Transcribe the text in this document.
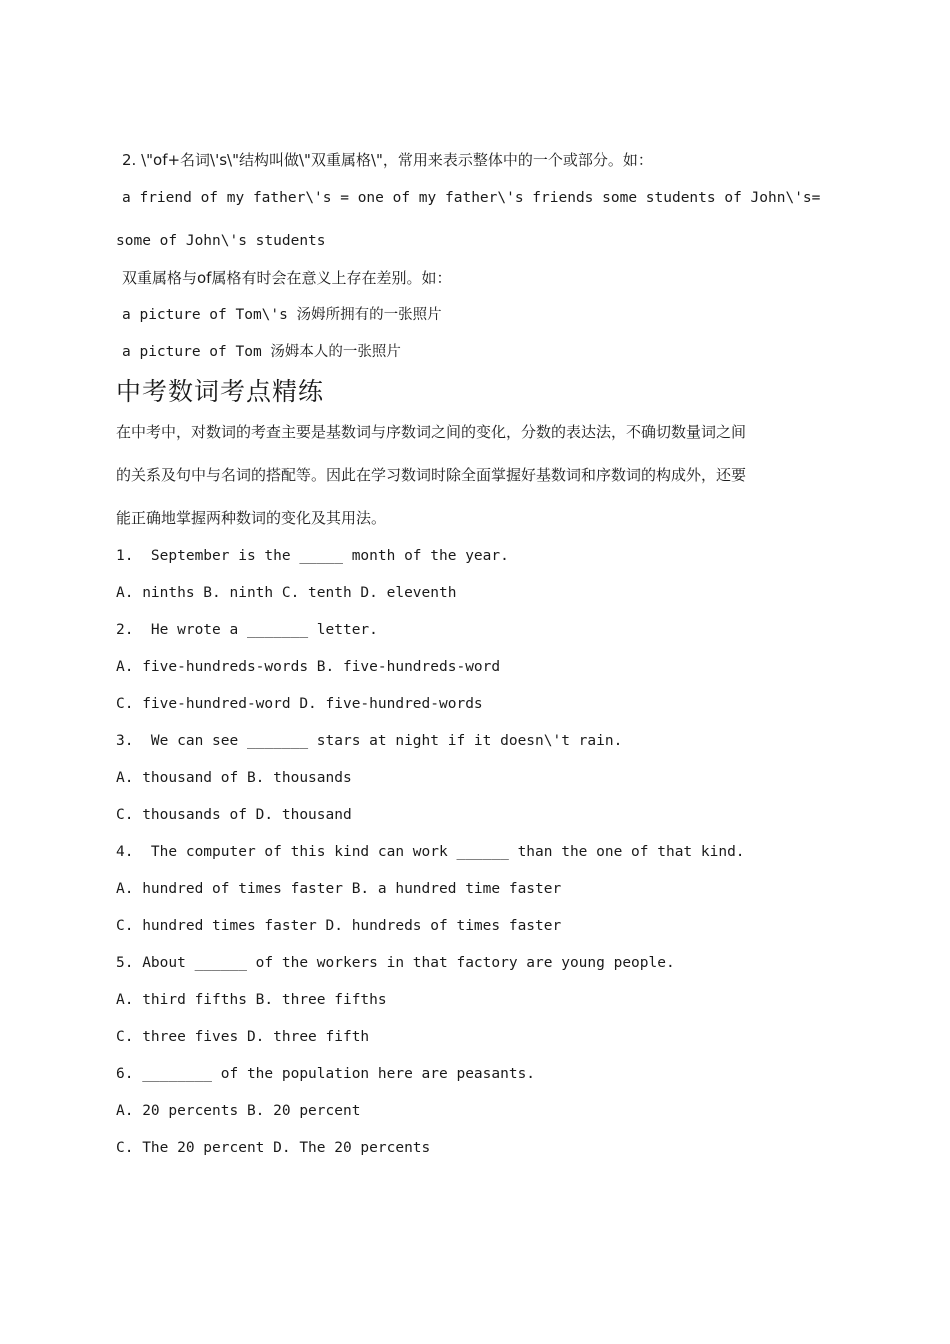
2. \"of+名词\'s\"结构叫做\"双重属格\"，常用来表示整体中的一个或部分。如：
a friend of my father\'s = one of my father\'s friends some students of John\'s=
some of John\'s students
双重属格与of属格有时会在意义上存在差别。如：
a picture of Tom\'s 汤姆所拥有的一张照片
a picture of Tom 汤姆本人的一张照片
中考数词考点精练
在中考中，对数词的考查主要是基数词与序数词之间的变化，分数的表达法，不确切数量词之间
的关系及句中与名词的搭配等。因此在学习数词时除全面掌握好基数词和序数词的构成外，还要
能正确地掌握两种数词的变化及其用法。
1.  September is the _____ month of the year.
A. ninths B. ninth C. tenth D. eleventh
2.  He wrote a _______ letter.
A. five-hundreds-words B. five-hundreds-word
C. five-hundred-word D. five-hundred-words
3.  We can see _______ stars at night if it doesn\'t rain.
A. thousand of B. thousands
C. thousands of D. thousand
4.  The computer of this kind can work ______ than the one of that kind.
A. hundred of times faster B. a hundred time faster
C. hundred times faster D. hundreds of times faster
5. About ______ of the workers in that factory are young people.
A. third fifths B. three fifths
C. three fives D. three fifth
6. ________ of the population here are peasants.
A. 20 percents B. 20 percent
C. The 20 percent D. The 20 percents
